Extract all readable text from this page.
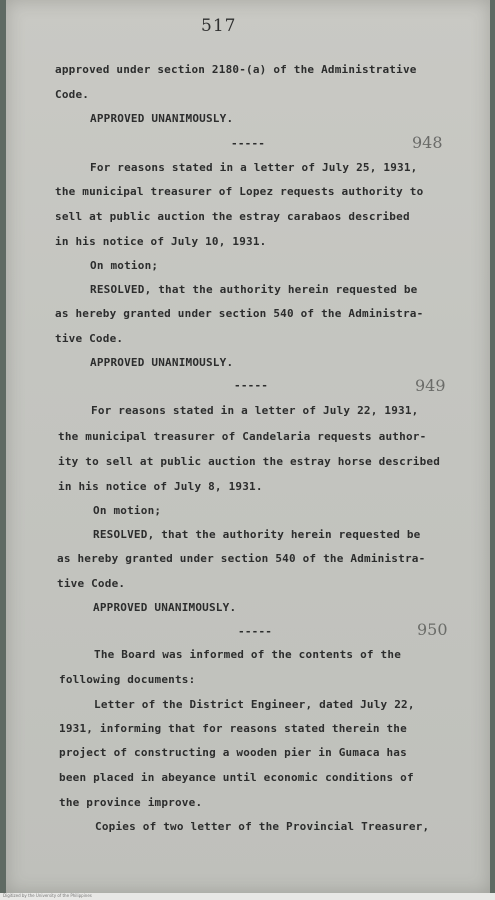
517
approved under section 2180-(a) of the Administrative
Code.
APPROVED UNANIMOUSLY.
-----	948
For reasons stated in a letter of July 25, 1931,
the municipal treasurer of Lopez requests authority to
sell at public auction the estray carabaos described
in his notice of July 10, 1931.
On motion;
RESOLVED, that the authority herein requested be
as hereby granted under section 540 of the Administra-
tive Code.
APPROVED UNANIMOUSLY.
-----	949
For reasons stated in a letter of July 22, 1931,
the municipal treasurer of Candelaria requests author-
ity to sell at public auction the estray horse described
in his notice of July 8, 1931.
On motion;
RESOLVED, that the authority herein requested be
as hereby granted under section 540 of the Administra-
tive Code.
APPROVED UNANIMOUSLY.
-----	950
The Board was informed of the contents of the
following documents:
Letter of the District Engineer, dated July 22,
1931, informing that for reasons stated therein the
project of constructing a wooden pier in Gumaca has
been placed in abeyance until economic conditions of
the province improve.
Copies of two letter of the Provincial Treasurer,
Digitized by the University of the Philippines
